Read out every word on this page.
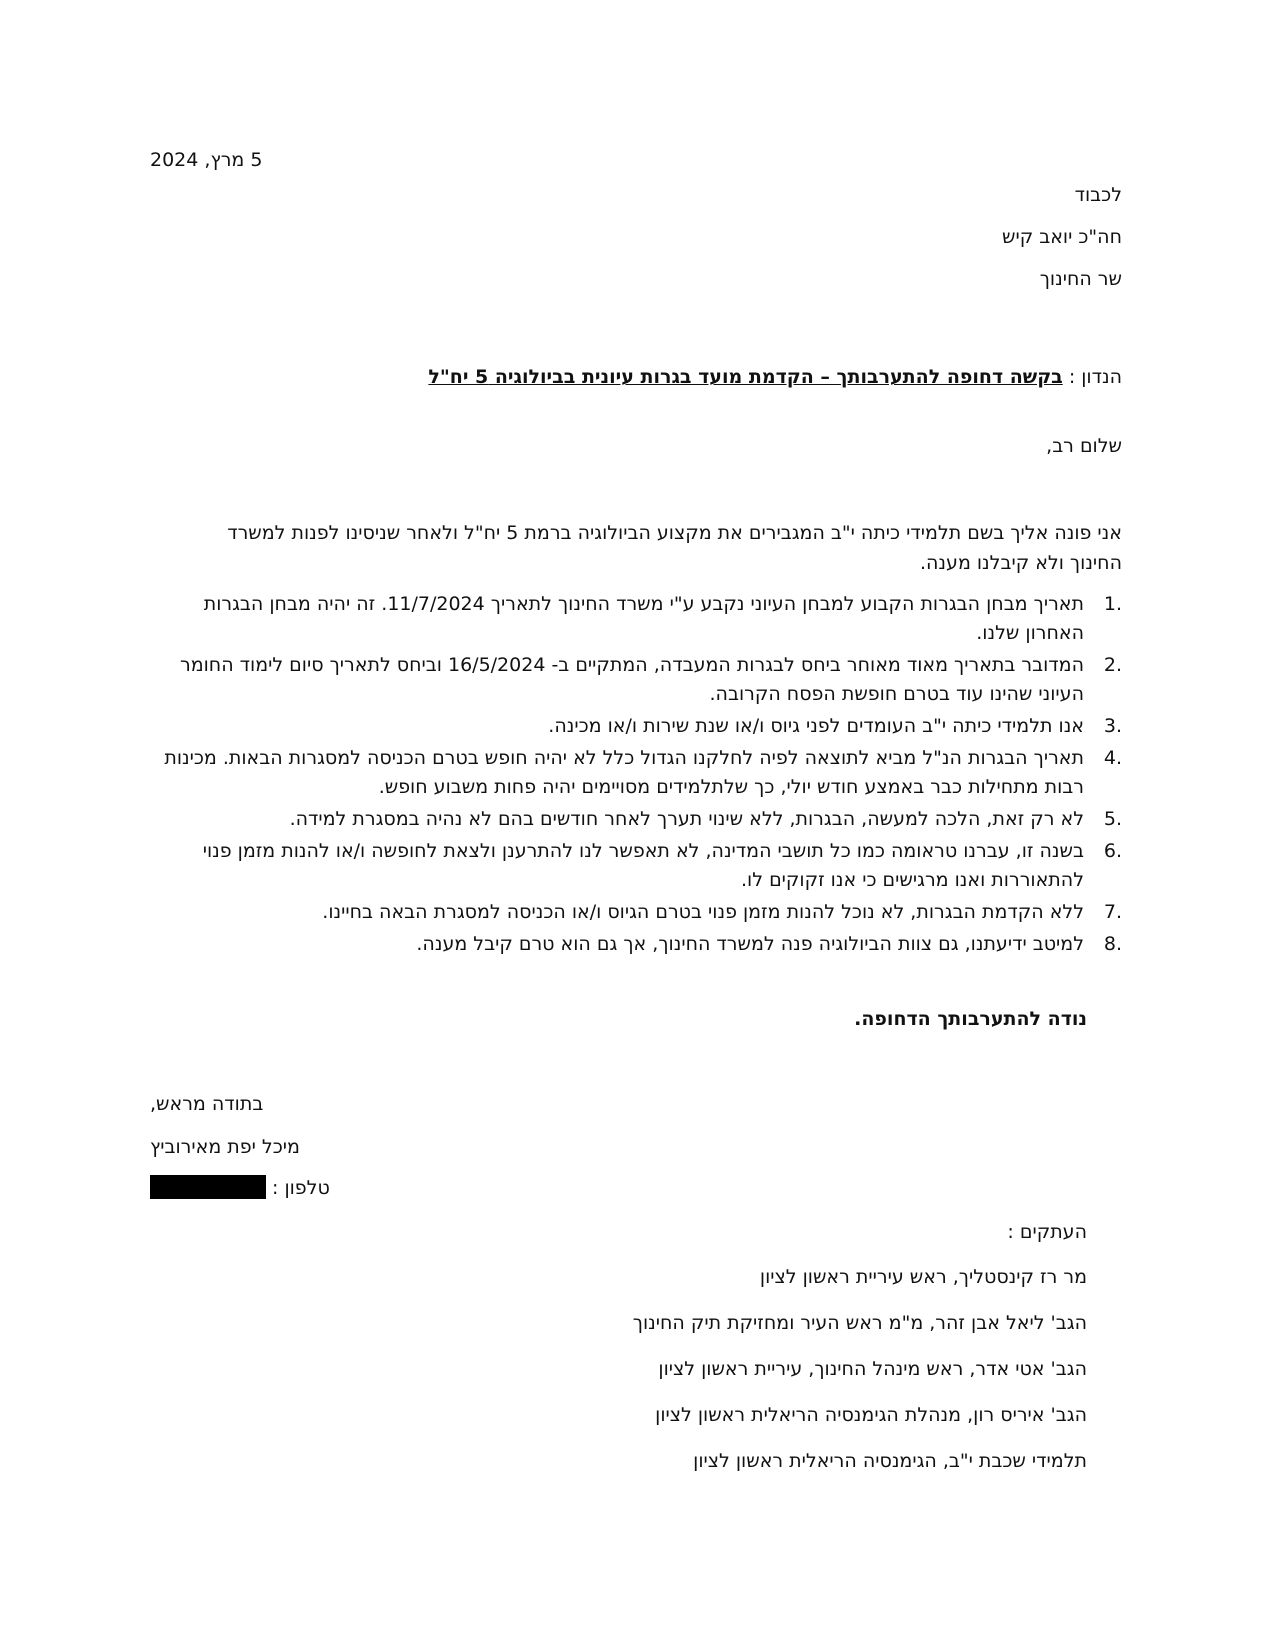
5 מרץ, 2024
לכבוד
חה"כ יואב קיש
שר החינוך
הנדון : בקשה דחופה להתערבותך – הקדמת מועד בגרות עיונית בביולוגיה 5 יח"ל
שלום רב,
אני פונה אליך בשם תלמידי כיתה י"ב המגבירים את מקצוע הביולוגיה ברמת 5 יח"ל ולאחר שניסינו לפנות למשרד החינוך ולא קיבלנו מענה.
1.
תאריך מבחן הבגרות הקבוע למבחן העיוני נקבע ע"י משרד החינוך לתאריך 11/7/2024. זה יהיה מבחן הבגרות האחרון שלנו.
2.
המדובר בתאריך מאוד מאוחר ביחס לבגרות המעבדה, המתקיים ב- 16/5/2024 וביחס לתאריך סיום לימוד החומר העיוני שהינו עוד בטרם חופשת הפסח הקרובה.
3.
אנו תלמידי כיתה י"ב העומדים לפני גיוס ו/או שנת שירות ו/או מכינה.
4.
תאריך הבגרות הנ"ל מביא לתוצאה לפיה לחלקנו הגדול כלל לא יהיה חופש בטרם הכניסה למסגרות הבאות. מכינות רבות מתחילות כבר באמצע חודש יולי, כך שלתלמידים מסויימים יהיה פחות משבוע חופש.
5.
לא רק זאת, הלכה למעשה, הבגרות, ללא שינוי תערך לאחר חודשים בהם לא נהיה במסגרת למידה.
6.
בשנה זו, עברנו טראומה כמו כל תושבי המדינה, לא תאפשר לנו להתרענן ולצאת לחופשה ו/או להנות מזמן פנוי להתאוררות ואנו מרגישים כי אנו זקוקים לו.
7.
ללא הקדמת הבגרות, לא נוכל להנות מזמן פנוי בטרם הגיוס ו/או הכניסה למסגרת הבאה בחיינו.
8.
למיטב ידיעתנו, גם צוות הביולוגיה פנה למשרד החינוך, אך גם הוא טרם קיבל מענה.
נודה להתערבותך הדחופה.
בתודה מראש,
מיכל יפת מאירוביץ
טלפון :
העתקים :
מר רז קינסטליך, ראש עיריית ראשון לציון
הגב' ליאל אבן זהר, מ"מ ראש העיר ומחזיקת תיק החינוך
הגב' אטי אדר, ראש מינהל החינוך, עיריית ראשון לציון
הגב' איריס רון, מנהלת הגימנסיה הריאלית ראשון לציון
תלמידי שכבת י"ב, הגימנסיה הריאלית ראשון לציון
